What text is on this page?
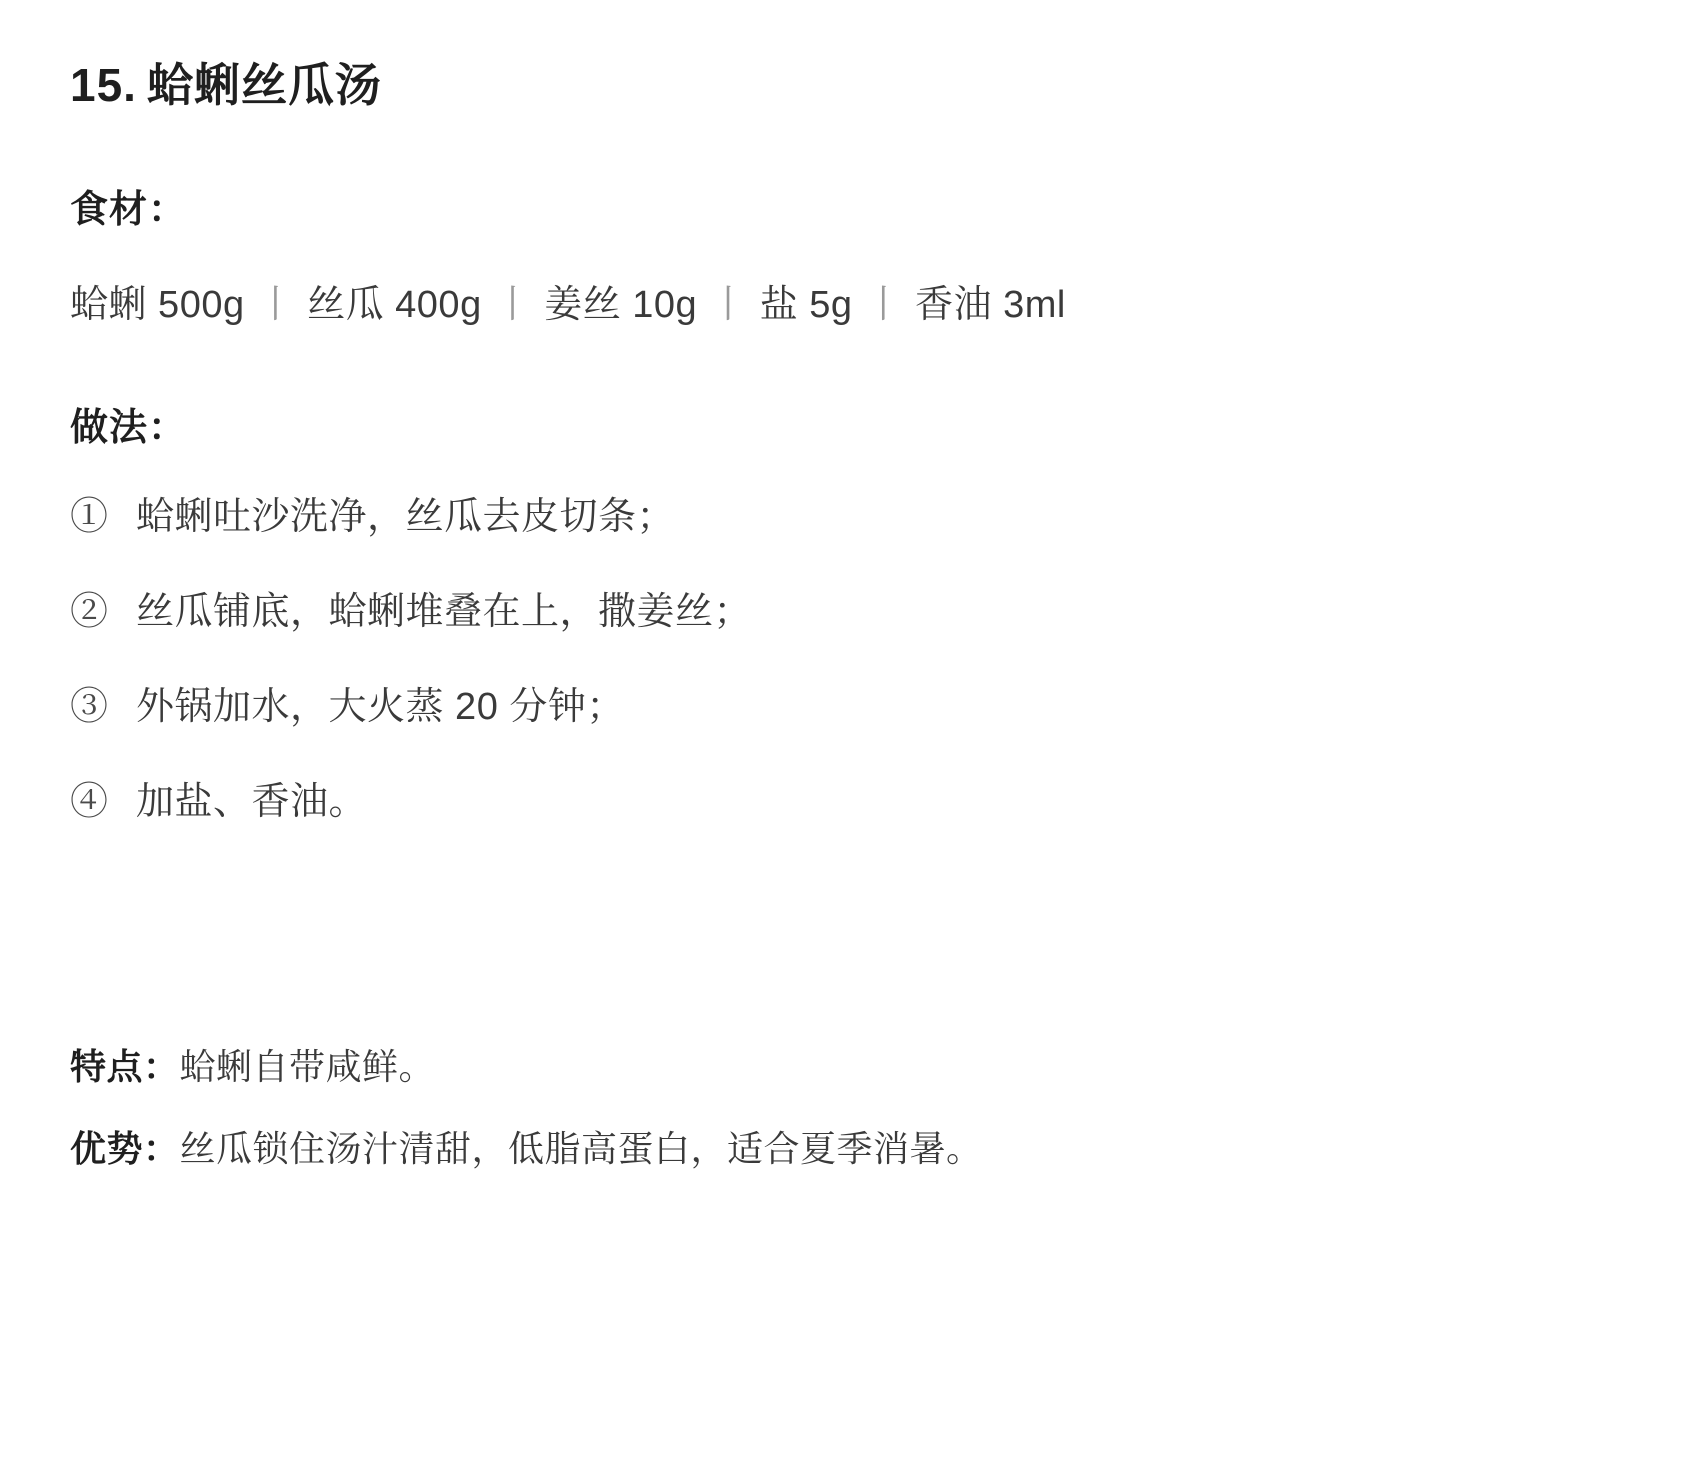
15. 蛤蜊丝瓜汤
食材：
蛤蜊 500g 丨 丝瓜 400g 丨 姜丝 10g 丨 盐 5g 丨 香油 3ml
做法：
① 蛤蜊吐沙洗净，丝瓜去皮切条；
② 丝瓜铺底，蛤蜊堆叠在上，撒姜丝；
③ 外锅加水，大火蒸 20 分钟；
④ 加盐、香油。
特点：蛤蜊自带咸鲜。
优势：丝瓜锁住汤汁清甜，低脂高蛋白，适合夏季消暑。
